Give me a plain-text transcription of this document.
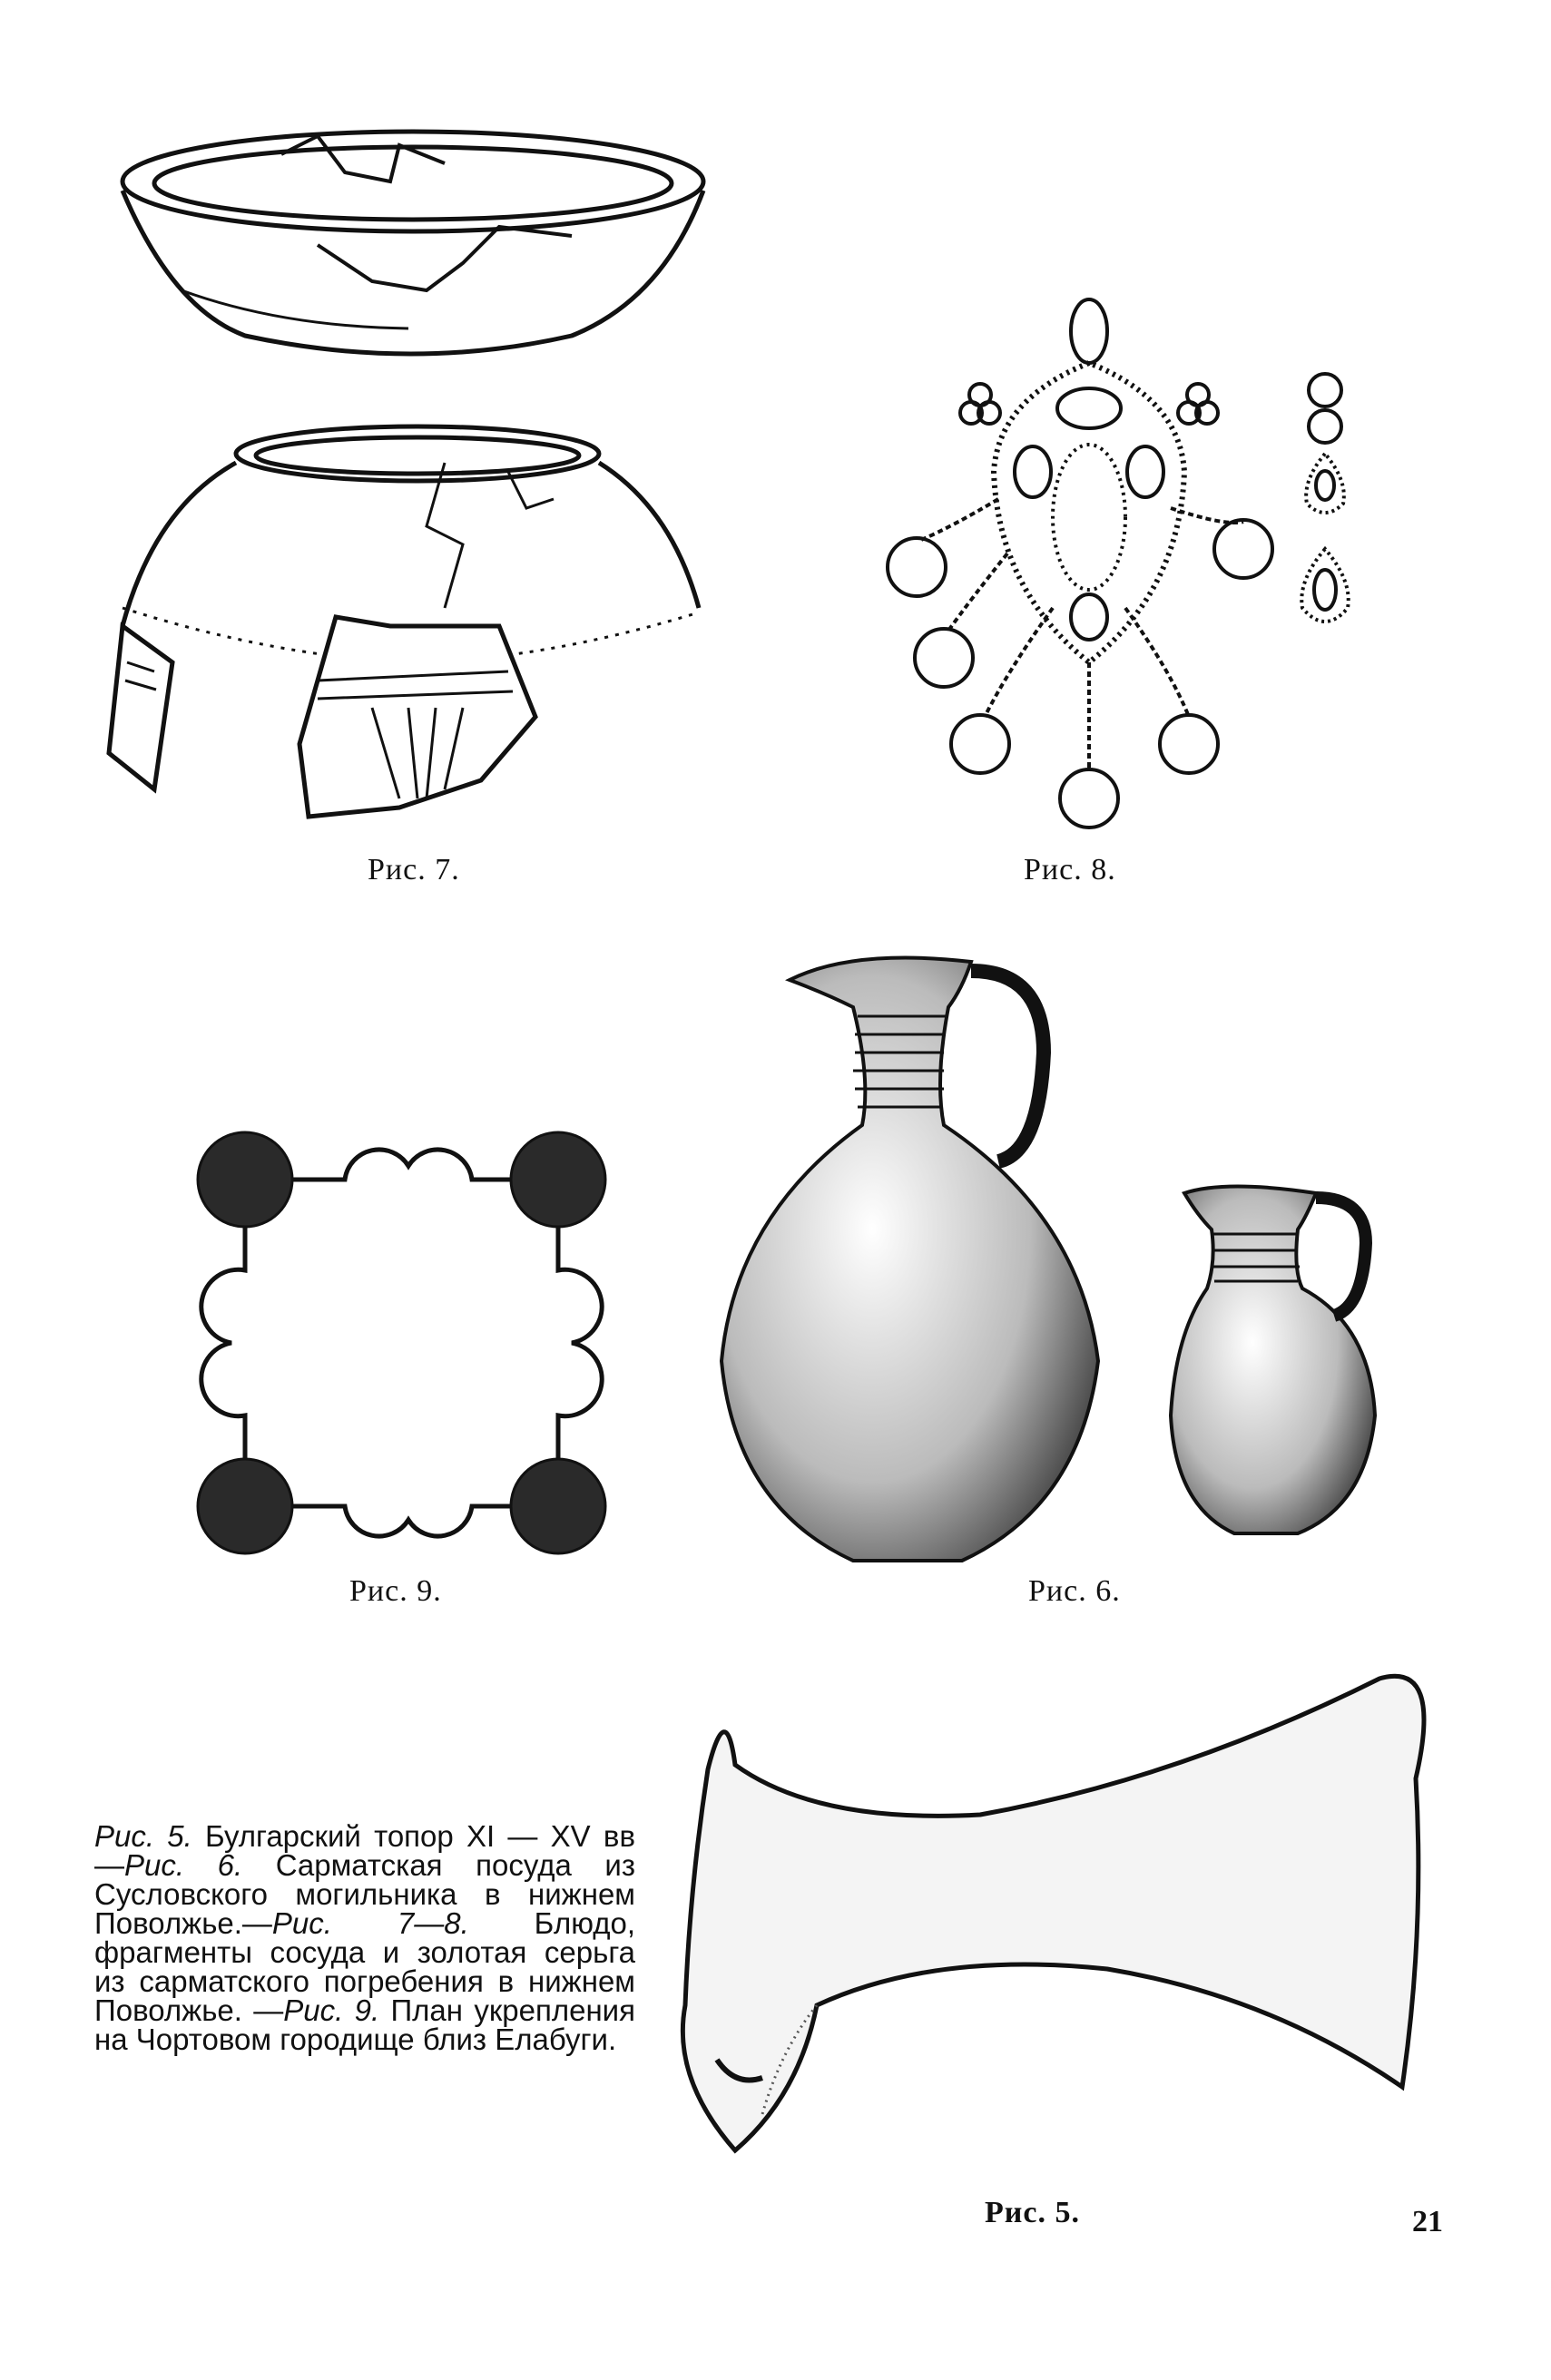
Рис. 7.	Рис. 8.
Рис. 9.	Рис. 6.
Рис. 5.
Рис. 5. Булгарский топор XI — XV вв —Рис. 6. Сарматская посуда из Сусловского могильника в нижнем Поволжье.—Рис. 7—8. Блюдо, фрагменты сосуда и золотая серьга из сарматского погребения в нижнем Поволжье. —Рис. 9. План укрепления на Чортовом городище близ Елабуги.
21
